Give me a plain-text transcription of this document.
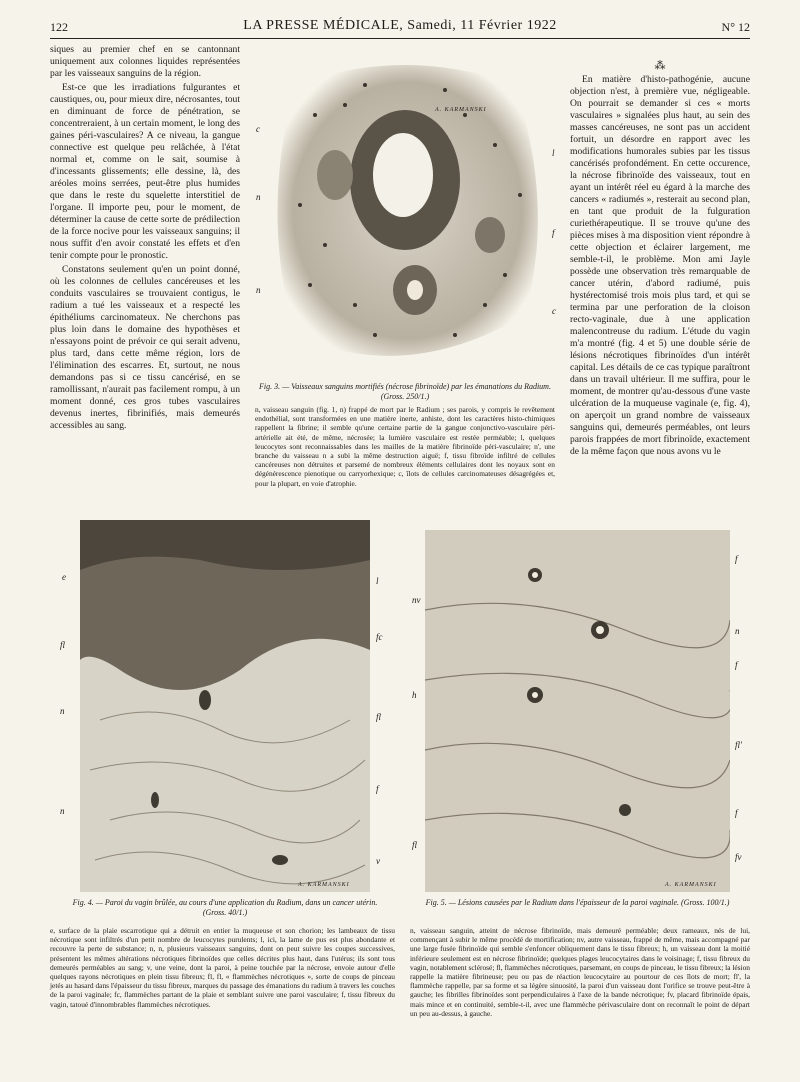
122	LA PRESSE MÉDICALE, Samedi, 11 Février 1922	N° 12

siques au premier chef en se cantonnant uniquement aux colonnes liquides représentées par les vaisseaux sanguins de la région.

Est-ce que les irradiations fulgurantes et caustiques, ou, pour mieux dire, nécrosantes, tout en diminuant de force de pénétration, se concentreraient, à un certain moment, le long des gaines péri-vasculaires? A ce niveau, la gangue connective est quelque peu relâchée, à l'état normal et, comme on le sait, soumise à d'incessants glissements; elle dessine, là, des aréoles moins serrées, peut-être plus humides que dans le reste du squelette interstitiel de l'organe. Il importe peu, pour le moment, de déterminer la cause de cette sorte de prédilection de la force nocive pour les vaisseaux sanguins; il nous suffit d'en avoir constaté les effets et d'en tenir compte pour le pronostic.

Constatons seulement qu'en un point donné, où les colonnes de cellules cancéreuses et les conduits vasculaires se trouvaient contigus, le radium a tué les vaisseaux et a respecté les épithéliums carcinomateux. Ne cherchons pas plus loin dans le domaine des hypothèses et n'essayons point de prévoir ce qui serait advenu, plus tard, dans cette même région, lors de l'élimination des escarres. Et, surtout, ne nous demandons pas si ce tissu cancérisé, en se ramollissant, n'aurait pas facilement rompu, à un moment donné, ces gros tubes vasculaires devenus inertes, fibrinifiés, mais demeurés accessibles au sang.

A. KARMANSKI
c
n
n
l
f
c
Fig. 3. — Vaisseaux sanguins mortifiés (nécrose fibrinoïde) par les émanations du Radium. (Gross. 250/1.)
n, vaisseau sanguin (fig. 1, n) frappé de mort par le Radium ; ses parois, y compris le revêtement endothélial, sont transformées en une matière inerte, anhiste, dont les caractères histo-chimiques rappellent la fibrine; il semble qu'une certaine partie de la gangue conjonctivo-vasculaire péri-artérielle ait été, de même, nécrosée; la lumière vasculaire est restée perméable; l, quelques leucocytes sont reconnaissables dans les mailles de la matière fibrinoïde péri-vasculaire; n', une branche du vaisseau n a subi la même destruction aiguë; f, tissu fibroïde infiltré de cellules cancéreuses non détruites et parsemé de nombreux éléments cellulaires dont les noyaux sont en dégénérescence pienotique ou carryorhexique; c, îlots de cellules carcinomateuses désagrégées et, pour la plupart, en voie d'atrophie.
⁂

En matière d'histo-pathogénie, aucune objection n'est, à première vue, négligeable. On pourrait se demander si ces « morts vasculaires » signalées plus haut, au sein des masses cancéreuses, ne sont pas un accident fortuit, un désordre en rapport avec les modifications humorales subies par les tissus cancérisés profondément. En cette occurence, la nécrose fibrinoïde des vaisseaux, tout en ayant un intérêt réel eu égard à la marche des cancers « radiumés », resterait au second plan, en tant que produit de la fulguration curiethérapeutique. Il se trouve qu'une des pièces mises à ma disposition vient répondre à cette objection et éclairer largement, me semble-t-il, le problème. Mon ami Jayle possède une observation très remarquable de cancer utérin, d'abord radiumé, puis hystérectomisé trois mois plus tard, et qui se termina par une perforation de la cloison recto-vaginale, due à une application malencontreuse du radium. L'étude du vagin m'a montré (fig. 4 et 5) une double série de lésions nécrotiques fibrinoïdes d'un intérêt capital. Les détails de ce cas typique paraîtront dans un travail ultérieur. Il me suffira, pour le moment, de montrer qu'au-dessous d'une vaste ulcération de la muqueuse vaginale (e, fig. 4), on aperçoit un grand nombre de vaisseaux sanguins qui, demeurés perméables, ont leurs parois frappées de mort fibrinoïde, exactement de la même façon que nous avons vu le

A. KARMANSKI
e	l
fc
fl
n
fl
f
n
v
Fig. 4. — Paroi du vagin brûlée, au cours d'une application du Radium, dans un cancer utérin. (Gross. 40/1.)
e, surface de la plaie escarrotique qui a détruit en entier la muqueuse et son chorion; les lambeaux de tissu nécrotique sont infiltrés d'un petit nombre de leucocytes purulents; l, ici, la lame de pus est plus abondante et recouvre la perte de substance; n, n, plusieurs vaisseaux sanguins, dont on peut suivre les coupes successives, présentent les mêmes altérations nécrotiques fibrinoïdes que celles décrites plus haut, dans l'utérus; ils sont tous demeurés perméables au sang; v, une veine, dont la paroi, à peine touchée par la nécrose, envoie autour d'elle quelques rayons nécrotiques en plein tissu fibreux; fl, fl, « flammèches nécrotiques », sorte de coups de pinceau jetés au hasard dans l'épaisseur du tissu fibreux, marques du passage des émanations du radium à travers les couches de la paroi vaginale; fc, flammèches partant de la plaie et semblant suivre une paroi vasculaire; f, tissu fibreux du vagin, tatoué d'innombrables flammèches nécrotiques.
A. KARMANSKI
f
nv
n
h
f
fl'
f
fl
fv
Fig. 5. — Lésions causées par le Radium dans l'épaisseur de la paroi vaginale. (Gross. 100/1.)
n, vaisseau sanguin, atteint de nécrose fibrinoïde, mais demeuré perméable; deux rameaux, nés de lui, commençant à subir le même procédé de mortification; nv, autre vaisseau, frappé de même, mais accompagné par une large fusée fibrinoïde qui semble s'enfoncer obliquement dans le tissu fibreux; h, un vaisseau dont la moitié inférieure seulement est en nécrose fibrinoïde; quelques plages leucocytaires dans le voisinage; f, tissu fibreux du vagin, notablement sclérosé; fl, flammèches nécrotiques, parsemant, en coups de pinceau, le tissu fibreux; la lésion rappelle la matière fibrineuse; peu ou pas de réaction leucocytaire au pourtour de ces îlots de mort; fl', la flammèche rappelle, par sa forme et sa légère sinuosité, la paroi d'un vaisseau dont l'orifice se trouve peut-être à gauche; les fibrilles fibrinoïdes sont perpendiculaires à l'axe de la bande nécrotique; fv, placard fibrinoïde épais, mais mince et en continuité, semble-t-il, avec une flammèche périvasculaire dont on reconnaît le point de départ un peu au-dessus, à gauche.
